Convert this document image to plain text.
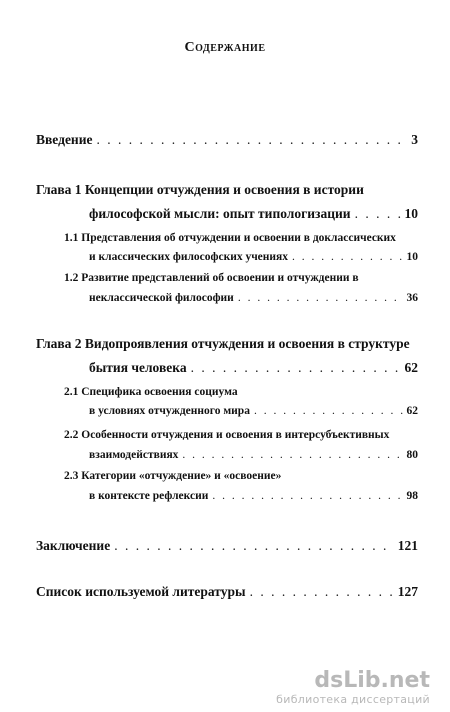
Содержание
Введение . . .	3
Глава 1 Концепции отчуждения и освоения в истории
философской мысли: опыт типологизации . . .	10
1.1 Представления об отчуждении и освоении в доклассических
и классических философских учениях . . .	10
1.2 Развитие представлений об освоении и отчуждении в
неклассической философии . . .	36
Глава 2 Видопроявления отчуждения и освоения в структуре
бытия человека . . .	62
2.1 Специфика освоения социума
в условиях отчужденного мира . . .	62
2.2 Особенности отчуждения и освоения в интерсубъективных
взаимодействиях . . .	80
2.3 Категории «отчуждение» и «освоение»
в контексте рефлексии . . .	98
Заключение . . .	121
Список используемой литературы . . .	127
dsLib.net
библиотека диссертаций
